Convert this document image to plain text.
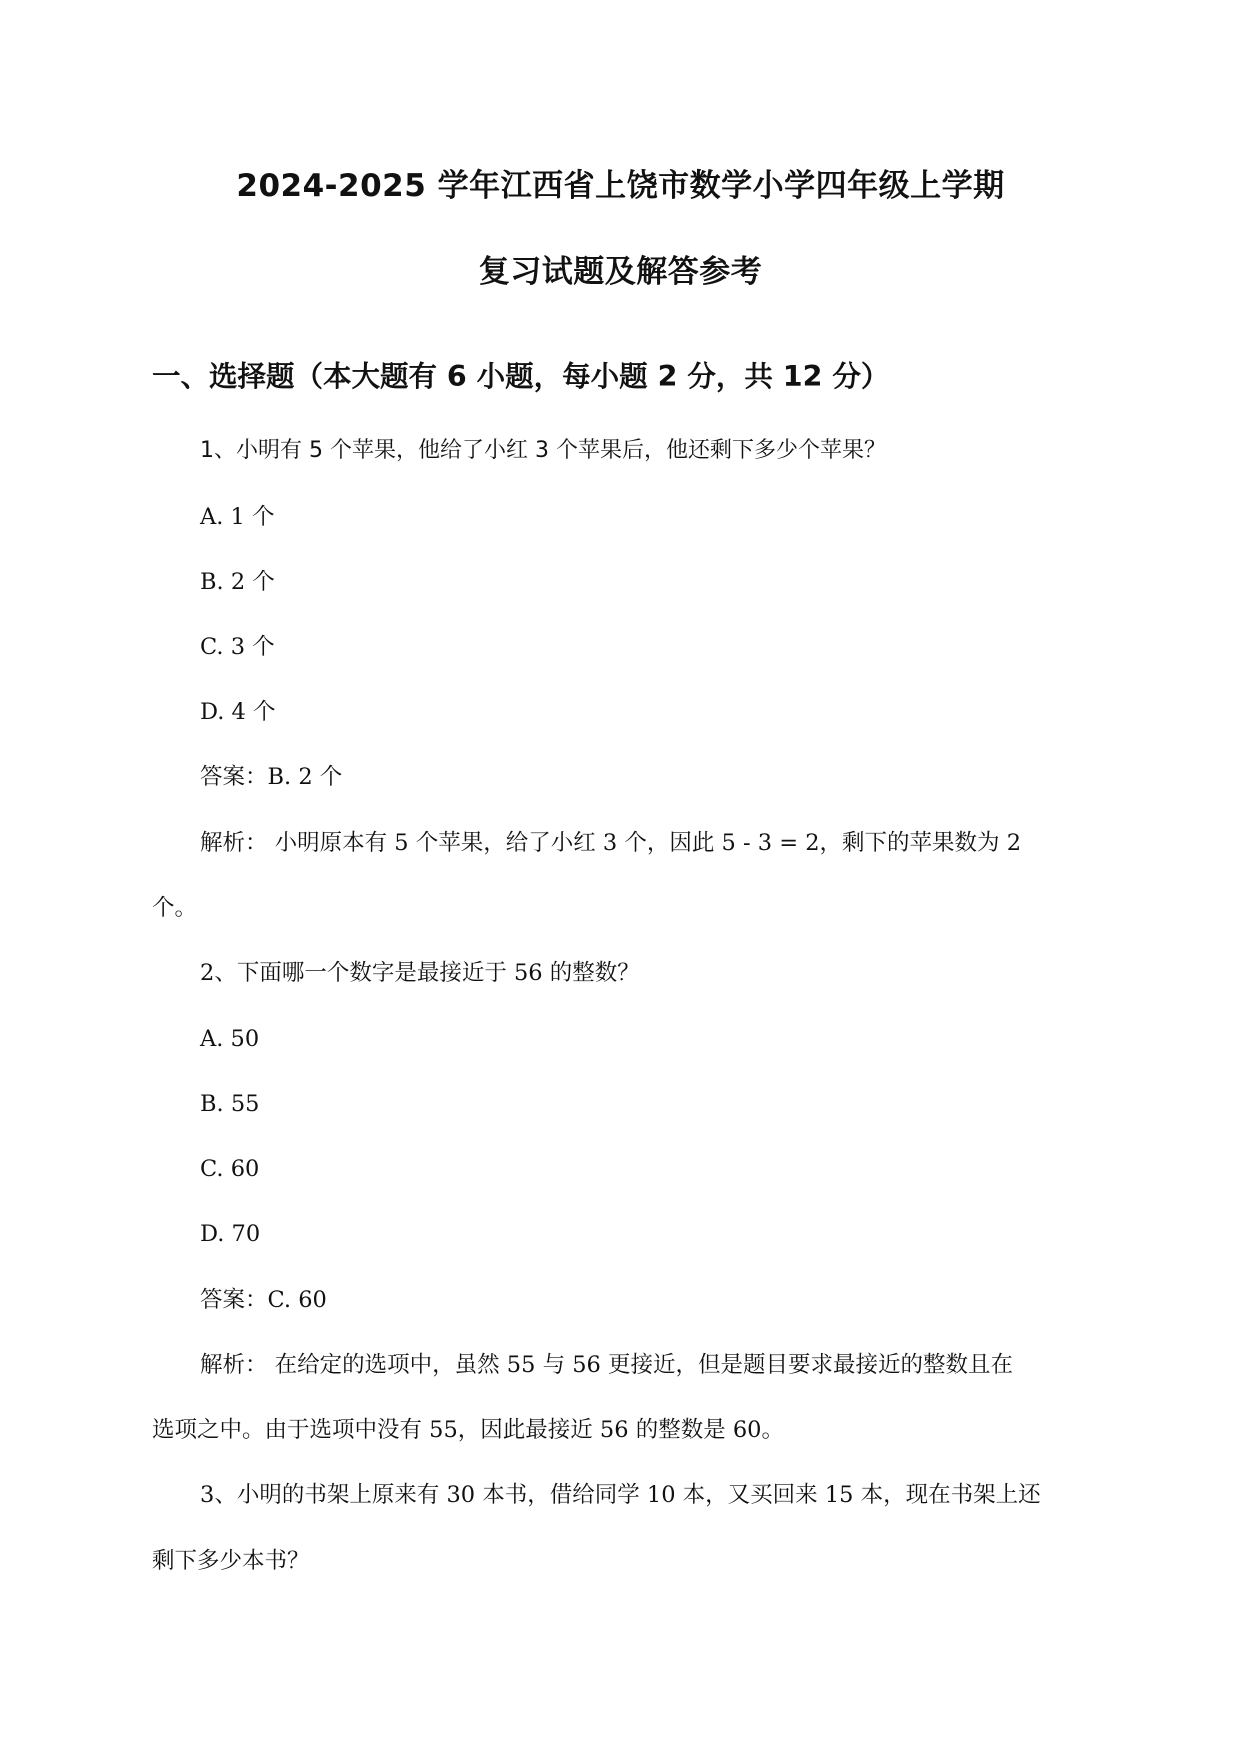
2024-2025 学年江西省上饶市数学小学四年级上学期
复习试题及解答参考
一、选择题（本大题有 6 小题，每小题 2 分，共 12 分）
1、小明有 5 个苹果，他给了小红 3 个苹果后，他还剩下多少个苹果？
A. 1 个
B. 2 个
C. 3 个
D. 4 个
答案：B. 2 个
解析： 小明原本有 5 个苹果，给了小红 3 个，因此 5 - 3 = 2，剩下的苹果数为 2
个。
2、下面哪一个数字是最接近于 56 的整数？
A. 50
B. 55
C. 60
D. 70
答案：C. 60
解析： 在给定的选项中，虽然 55 与 56 更接近，但是题目要求最接近的整数且在
选项之中。由于选项中没有 55，因此最接近 56 的整数是 60。
3、小明的书架上原来有 30 本书，借给同学 10 本，又买回来 15 本，现在书架上还
剩下多少本书？
